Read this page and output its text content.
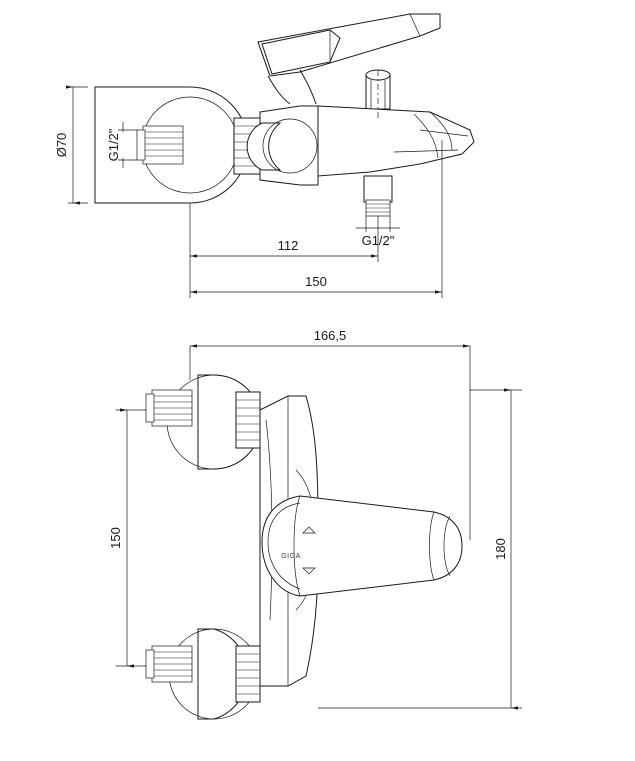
Ø70	G1/2"
G1/2"
112
150
GIGA
166,5
150
180
